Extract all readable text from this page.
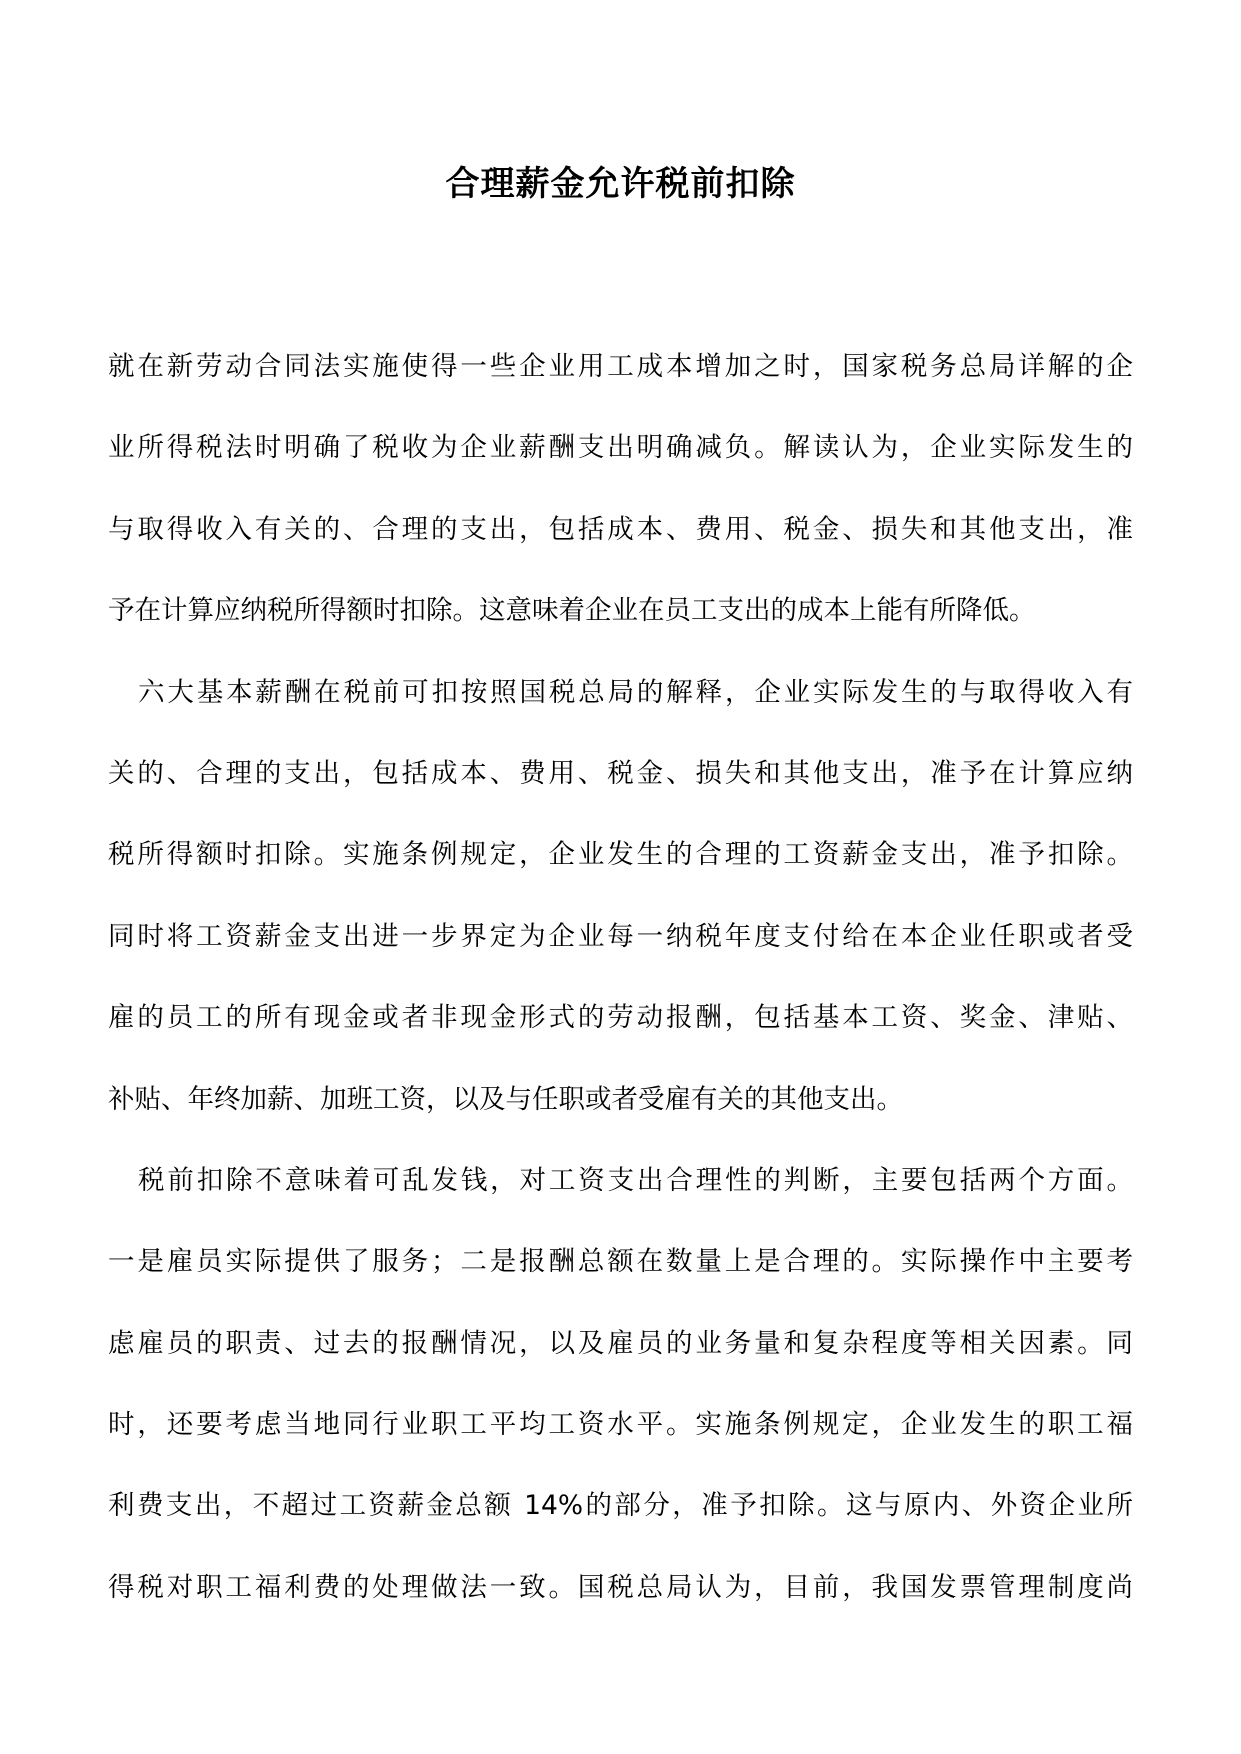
合理薪金允许税前扣除
就在新劳动合同法实施使得一些企业用工成本增加之时，国家税务总局详解的企
业所得税法时明确了税收为企业薪酬支出明确减负。解读认为，企业实际发生的
与取得收入有关的、合理的支出，包括成本、费用、税金、损失和其他支出，准
予在计算应纳税所得额时扣除。这意味着企业在员工支出的成本上能有所降低。
六大基本薪酬在税前可扣按照国税总局的解释，企业实际发生的与取得收入有
关的、合理的支出，包括成本、费用、税金、损失和其他支出，准予在计算应纳
税所得额时扣除。实施条例规定，企业发生的合理的工资薪金支出，准予扣除。
同时将工资薪金支出进一步界定为企业每一纳税年度支付给在本企业任职或者受
雇的员工的所有现金或者非现金形式的劳动报酬，包括基本工资、奖金、津贴、
补贴、年终加薪、加班工资，以及与任职或者受雇有关的其他支出。
税前扣除不意味着可乱发钱，对工资支出合理性的判断，主要包括两个方面。
一是雇员实际提供了服务；二是报酬总额在数量上是合理的。实际操作中主要考
虑雇员的职责、过去的报酬情况，以及雇员的业务量和复杂程度等相关因素。同
时，还要考虑当地同行业职工平均工资水平。实施条例规定，企业发生的职工福
利费支出，不超过工资薪金总额 14%的部分，准予扣除。这与原内、外资企业所
得税对职工福利费的处理做法一致。国税总局认为，目前，我国发票管理制度尚
